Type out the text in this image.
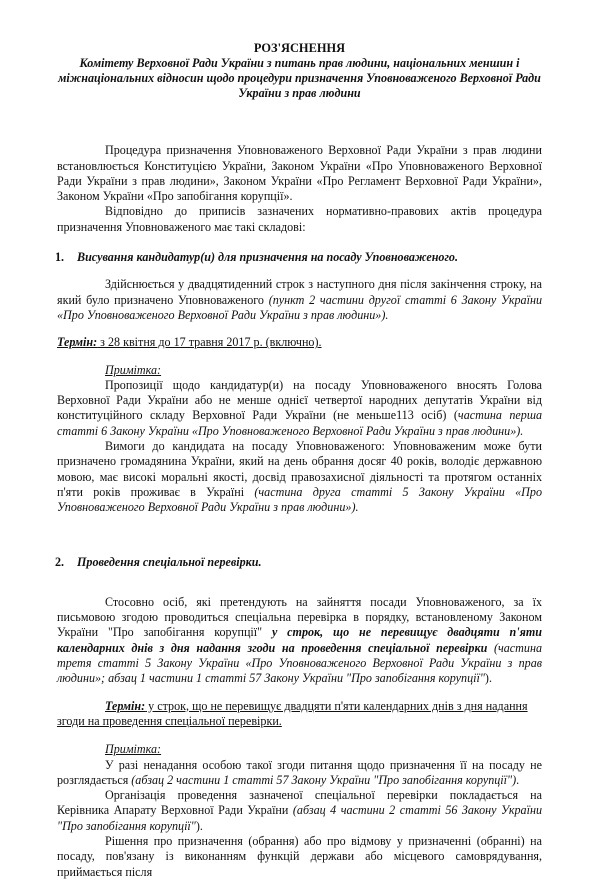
РОЗ'ЯСНЕННЯ

Комітету Верховної Ради України з питань прав людини, національних меншин і міжнаціональних відносин щодо процедури призначення Уповноваженого Верховної Ради України з прав людини

Процедура призначення Уповноваженого Верховної Ради України з прав людини встановлюється Конституцією України, Законом України «Про Уповноваженого Верховної Ради України з прав людини», Законом України «Про Регламент Верховної Ради України», Законом України «Про запобігання корупції».

Відповідно до приписів зазначених нормативно-правових актів процедура призначення Уповноваженого має такі складові:

1. Висування кандидатур(и) для призначення на посаду Уповноваженого.

Здійснюється у двадцятиденний строк з наступного дня після закінчення строку, на який було призначено Уповноваженого (пункт 2 частини другої статті 6 Закону України «Про Уповноваженого Верховної Ради України з прав людини»).

Термін: з 28 квітня до 17 травня 2017 р. (включно).

Примітка:

Пропозиції щодо кандидатур(и) на посаду Уповноваженого вносять Голова Верховної Ради України або не менше однієї четвертої народних депутатів України від конституційного складу Верховної Ради України (не меньше113 осіб) (частина перша статті 6 Закону України «Про Уповноваженого Верховної Ради України з прав людини»).

Вимоги до кандидата на посаду Уповноваженого: Уповноваженим може бути призначено громадянина України, який на день обрання досяг 40 років, володіє державною мовою, має високі моральні якості, досвід правозахисної діяльності та протягом останніх п'яти років проживає в Україні (частина друга статті 5 Закону України «Про Уповноваженого Верховної Ради України з прав людини»).

2. Проведення спеціальної перевірки.

Стосовно осіб, які претендують на зайняття посади Уповноваженого, за їх письмовою згодою проводиться спеціальна перевірка в порядку, встановленому Законом України "Про запобігання корупції" у строк, що не перевищує двадцяти п'яти календарних днів з дня надання згоди на проведення спеціальної перевірки (частина третя статті 5 Закону України «Про Уповноваженого Верховної Ради України з прав людини»; абзац 1 частини 1 статті 57 Закону України "Про запобігання корупції").

Термін: у строк, що не перевищує двадцяти п'яти календарних днів з дня надання згоди на проведення спеціальної перевірки.

Примітка:

У разі ненадання особою такої згоди питання щодо призначення її на посаду не розглядається (абзац 2 частини 1 статті 57 Закону України "Про запобігання корупції").

Організація проведення зазначеної спеціальної перевірки покладається на Керівника Апарату Верховної Ради України (абзац 4 частини 2 статті 56 Закону України "Про запобігання корупції").

Рішення про призначення (обрання) або про відмову у призначенні (обранні) на посаду, пов'язану із виконанням функцій держави або місцевого самоврядування, приймається після
